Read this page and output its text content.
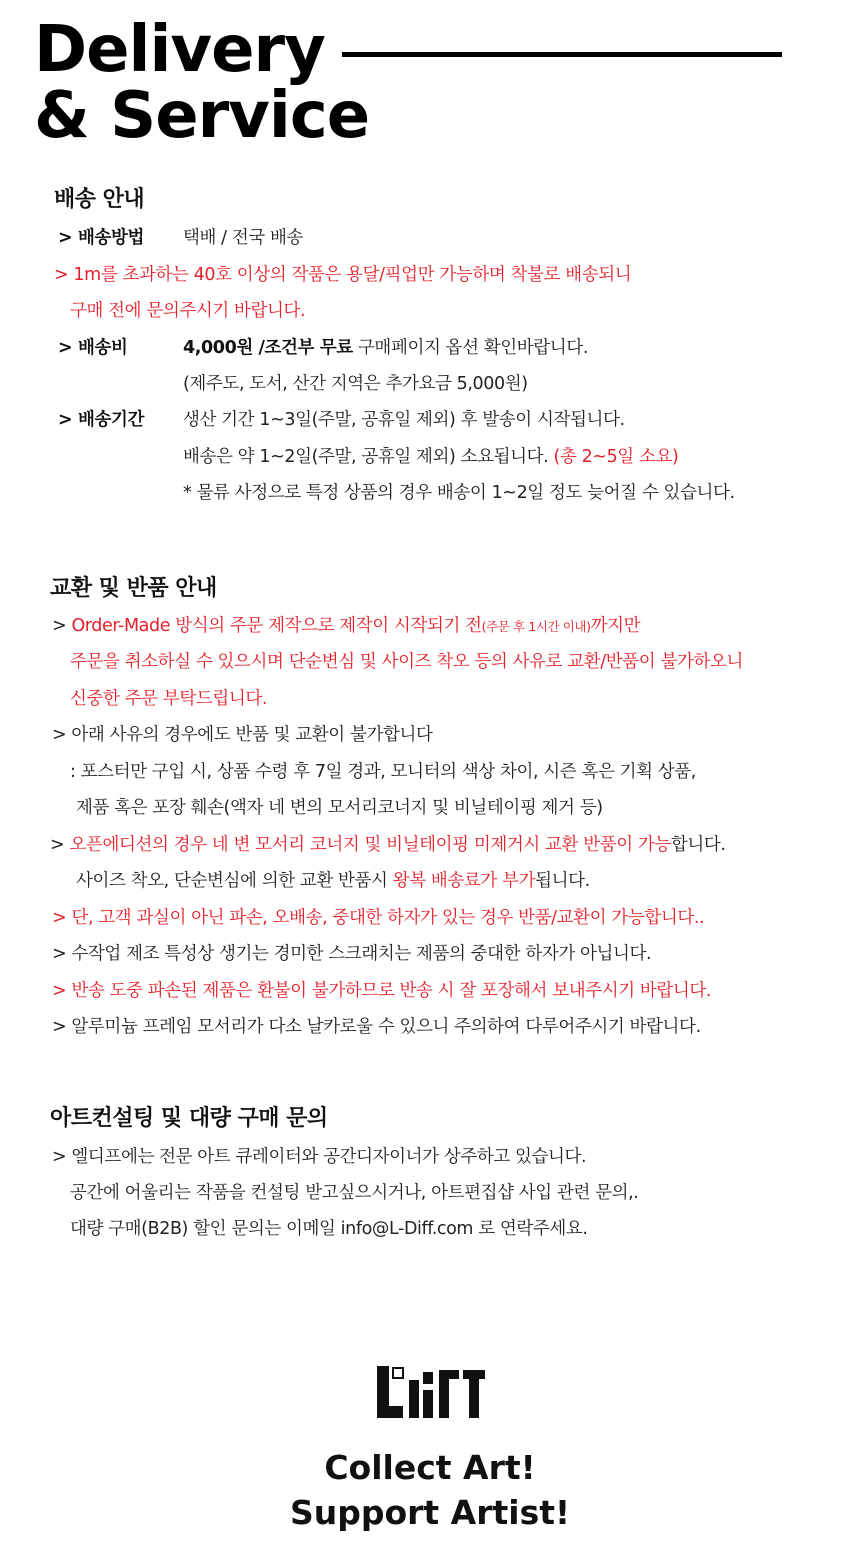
Delivery
& Service
배송 안내
> 배송방법 택배 / 전국 배송
> 1m를 초과하는 40호 이상의 작품은 용달/픽업만 가능하며 착불로 배송되니
구매 전에 문의주시기 바랍니다.
> 배송비	4,000원 /조건부 무료 구매페이지 옵션 확인바랍니다.
(제주도, 도서, 산간 지역은 추가요금 5,000원)
> 배송기간 생산 기간 1~3일(주말, 공휴일 제외) 후 발송이 시작됩니다.
배송은 약 1~2일(주말, 공휴일 제외) 소요됩니다. (총 2~5일 소요)
* 물류 사정으로 특정 상품의 경우 배송이 1~2일 정도 늦어질 수 있습니다.
교환 및 반품 안내
> Order-Made 방식의 주문 제작으로 제작이 시작되기 전(주문 후 1시간 이내)까지만
주문을 취소하실 수 있으시며 단순변심 및 사이즈 착오 등의 사유로 교환/반품이 불가하오니
신중한 주문 부탁드립니다.
> 아래 사유의 경우에도 반품 및 교환이 불가합니다
: 포스터만 구입 시, 상품 수령 후 7일 경과, 모니터의 색상 차이, 시즌 혹은 기획 상품,
제품 혹은 포장 훼손(액자 네 변의 모서리코너지 및 비닐테이핑 제거 등)
> 오픈에디션의 경우 네 변 모서리 코너지 및 비닐테이핑 미제거시 교환 반품이 가능합니다.
사이즈 착오, 단순변심에 의한 교환 반품시 왕복 배송료가 부가됩니다.
> 단, 고객 과실이 아닌 파손, 오배송, 중대한 하자가 있는 경우 반품/교환이 가능합니다..
> 수작업 제조 특성상 생기는 경미한 스크래치는 제품의 중대한 하자가 아닙니다.
> 반송 도중 파손된 제품은 환불이 불가하므로 반송 시 잘 포장해서 보내주시기 바랍니다.
> 알루미늄 프레임 모서리가 다소 날카로울 수 있으니 주의하여 다루어주시기 바랍니다.
아트컨설팅 및 대량 구매 문의
> 엘디프에는 전문 아트 큐레이터와 공간디자이너가 상주하고 있습니다.
공간에 어울리는 작품을 컨설팅 받고싶으시거나, 아트편집샵 사입 관련 문의,.
대량 구매(B2B) 할인 문의는 이메일 info@L-Diff.com 로 연락주세요.
Collect Art!
Support Artist!
